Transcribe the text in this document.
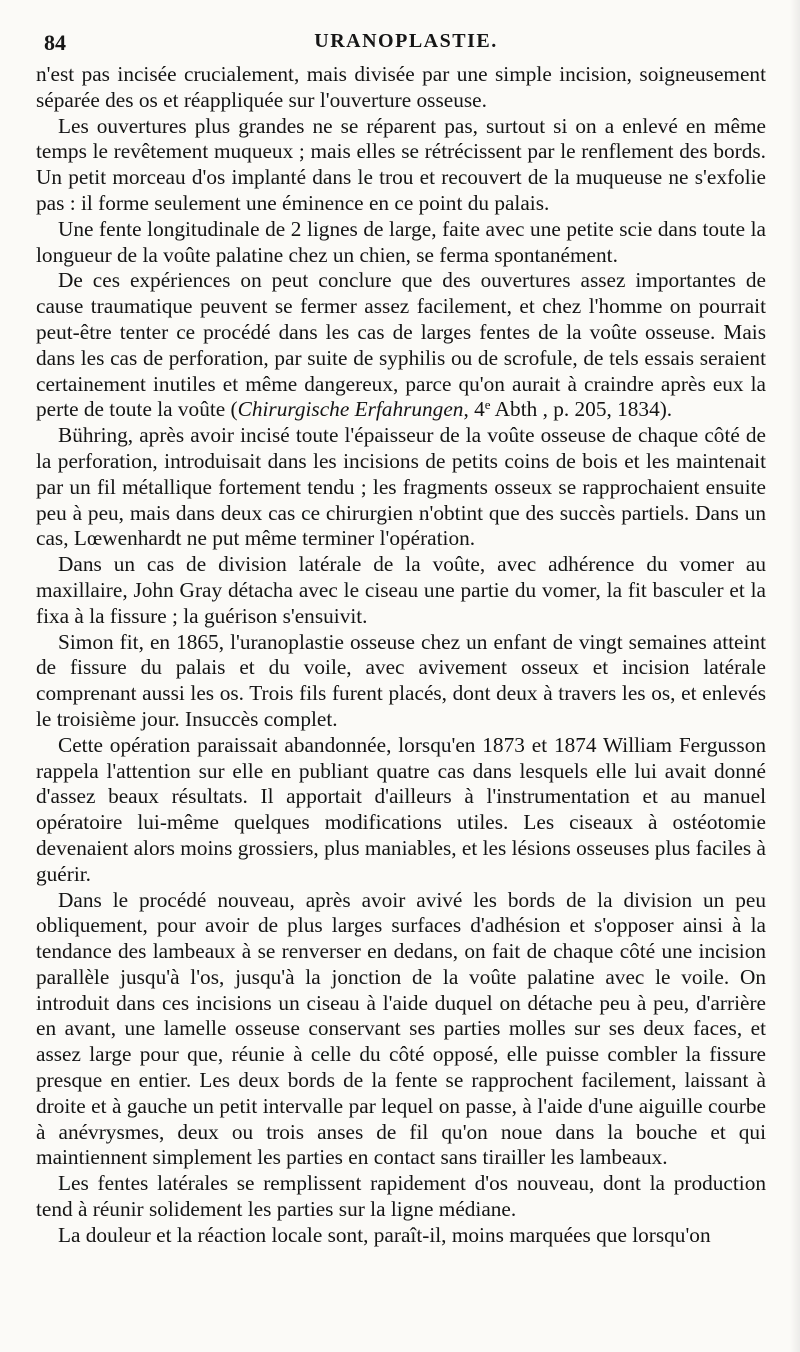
84	URANOPLASTIE.

n'est pas incisée crucialement, mais divisée par une simple incision, soigneusement séparée des os et réappliquée sur l'ouverture osseuse.

Les ouvertures plus grandes ne se réparent pas, surtout si on a enlevé en même temps le revêtement muqueux ; mais elles se rétrécissent par le renflement des bords. Un petit morceau d'os implanté dans le trou et recouvert de la muqueuse ne s'exfolie pas : il forme seulement une éminence en ce point du palais.

Une fente longitudinale de 2 lignes de large, faite avec une petite scie dans toute la longueur de la voûte palatine chez un chien, se ferma spontanément.

De ces expériences on peut conclure que des ouvertures assez importantes de cause traumatique peuvent se fermer assez facilement, et chez l'homme on pourrait peut-être tenter ce procédé dans les cas de larges fentes de la voûte osseuse. Mais dans les cas de perforation, par suite de syphilis ou de scrofule, de tels essais seraient certainement inutiles et même dangereux, parce qu'on aurait à craindre après eux la perte de toute la voûte (Chirurgische Erfahrungen, 4e Abth , p. 205, 1834).

Bühring, après avoir incisé toute l'épaisseur de la voûte osseuse de chaque côté de la perforation, introduisait dans les incisions de petits coins de bois et les maintenait par un fil métallique fortement tendu ; les fragments osseux se rapprochaient ensuite peu à peu, mais dans deux cas ce chirurgien n'obtint que des succès partiels. Dans un cas, Lœwenhardt ne put même terminer l'opération.

Dans un cas de division latérale de la voûte, avec adhérence du vomer au maxillaire, John Gray détacha avec le ciseau une partie du vomer, la fit basculer et la fixa à la fissure ; la guérison s'ensuivit.

Simon fit, en 1865, l'uranoplastie osseuse chez un enfant de vingt semaines atteint de fissure du palais et du voile, avec avivement osseux et incision latérale comprenant aussi les os. Trois fils furent placés, dont deux à travers les os, et enlevés le troisième jour. Insuccès complet.

Cette opération paraissait abandonnée, lorsqu'en 1873 et 1874 William Fergusson rappela l'attention sur elle en publiant quatre cas dans lesquels elle lui avait donné d'assez beaux résultats. Il apportait d'ailleurs à l'instrumentation et au manuel opératoire lui-même quelques modifications utiles. Les ciseaux à ostéotomie devenaient alors moins grossiers, plus maniables, et les lésions osseuses plus faciles à guérir.

Dans le procédé nouveau, après avoir avivé les bords de la division un peu obliquement, pour avoir de plus larges surfaces d'adhésion et s'opposer ainsi à la tendance des lambeaux à se renverser en dedans, on fait de chaque côté une incision parallèle jusqu'à l'os, jusqu'à la jonction de la voûte palatine avec le voile. On introduit dans ces incisions un ciseau à l'aide duquel on détache peu à peu, d'arrière en avant, une lamelle osseuse conservant ses parties molles sur ses deux faces, et assez large pour que, réunie à celle du côté opposé, elle puisse combler la fissure presque en entier. Les deux bords de la fente se rapprochent facilement, laissant à droite et à gauche un petit intervalle par lequel on passe, à l'aide d'une aiguille courbe à anévrysmes, deux ou trois anses de fil qu'on noue dans la bouche et qui maintiennent simplement les parties en contact sans tirailler les lambeaux.

Les fentes latérales se remplissent rapidement d'os nouveau, dont la production tend à réunir solidement les parties sur la ligne médiane.

La douleur et la réaction locale sont, paraît-il, moins marquées que lorsqu'on
